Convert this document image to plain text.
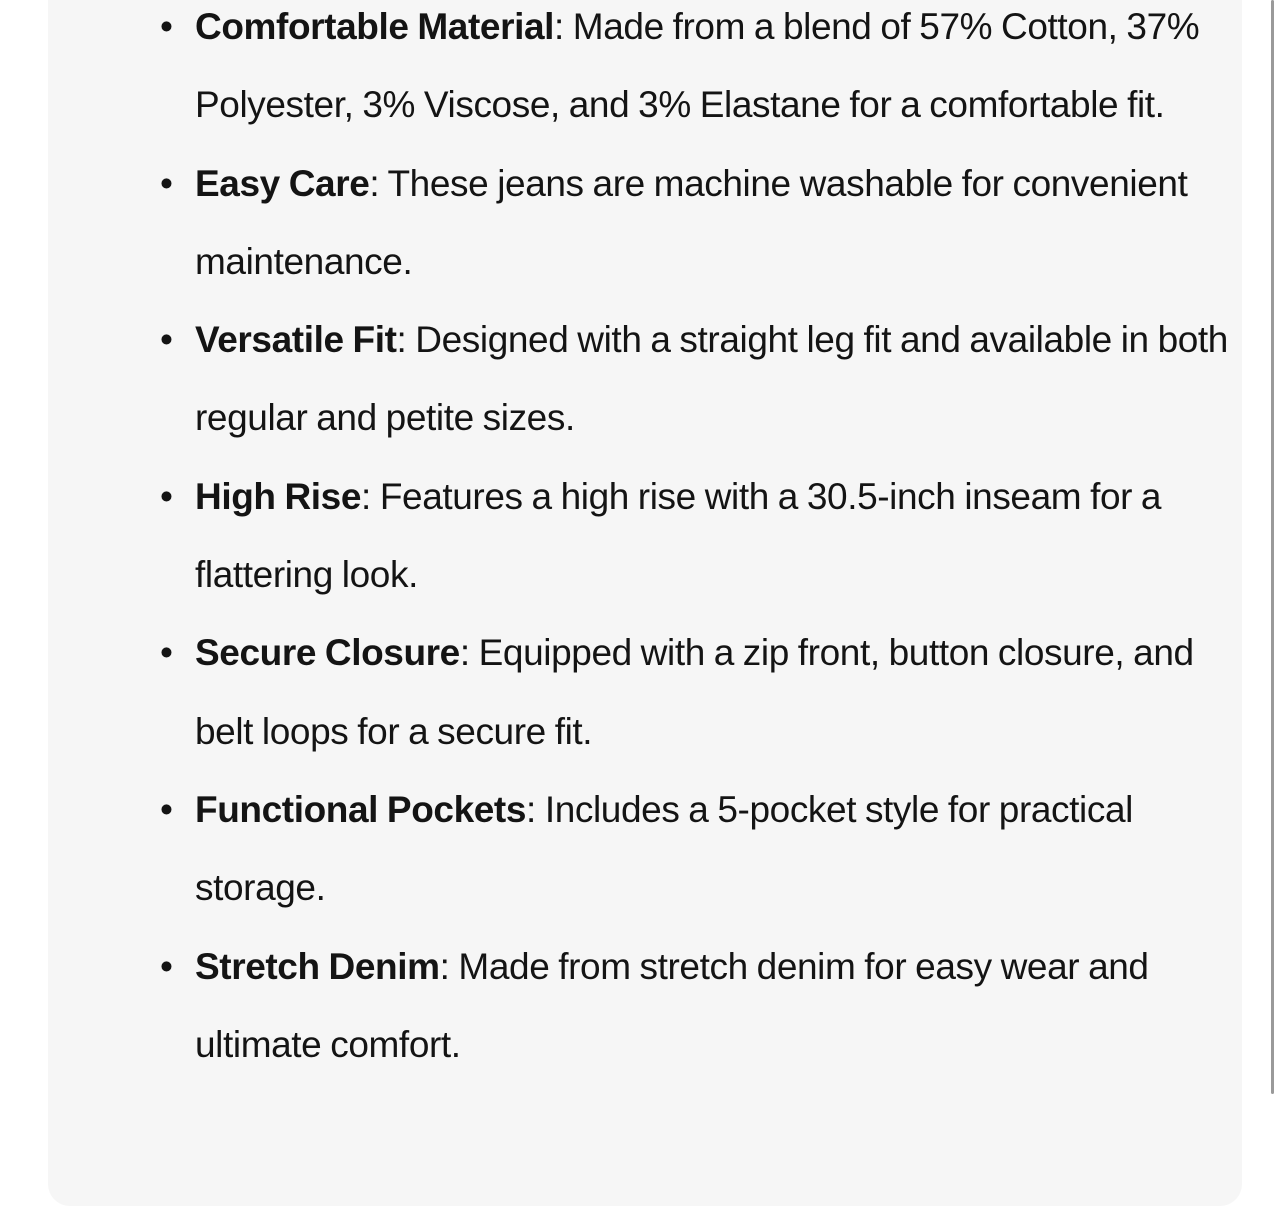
• Comfortable Material: Made from a blend of 57% Cotton, 37% Polyester, 3% Viscose, and 3% Elastane for a comfortable fit.
• Easy Care: These jeans are machine washable for convenient maintenance.
• Versatile Fit: Designed with a straight leg fit and available in both regular and petite sizes.
• High Rise: Features a high rise with a 30.5-inch inseam for a flattering look.
• Secure Closure: Equipped with a zip front, button closure, and belt loops for a secure fit.
• Functional Pockets: Includes a 5-pocket style for practical storage.
• Stretch Denim: Made from stretch denim for easy wear and ultimate comfort.
